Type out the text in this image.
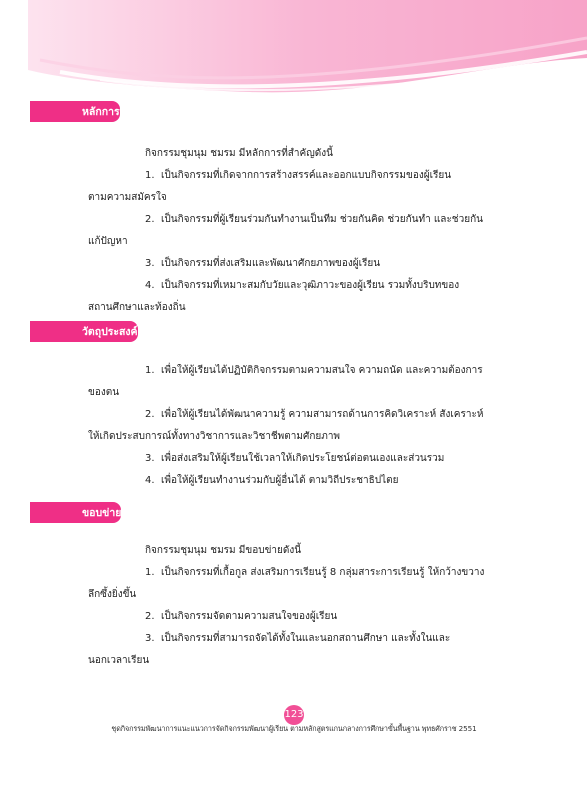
หลักการ
กิจกรรมชุมนุม ชมรม มีหลักการที่สำคัญดังนี้
1. เป็นกิจกรรมที่เกิดจากการสร้างสรรค์และออกแบบกิจกรรมของผู้เรียน
ตามความสมัครใจ
2. เป็นกิจกรรมที่ผู้เรียนร่วมกันทำงานเป็นทีม ช่วยกันคิด ช่วยกันทำ และช่วยกัน
แก้ปัญหา
3. เป็นกิจกรรมที่ส่งเสริมและพัฒนาศักยภาพของผู้เรียน
4. เป็นกิจกรรมที่เหมาะสมกับวัยและวุฒิภาวะของผู้เรียน รวมทั้งบริบทของ
สถานศึกษาและท้องถิ่น
วัตถุประสงค์
1. เพื่อให้ผู้เรียนได้ปฏิบัติกิจกรรมตามความสนใจ ความถนัด และความต้องการ
ของตน
2. เพื่อให้ผู้เรียนได้พัฒนาความรู้ ความสามารถด้านการคิดวิเคราะห์ สังเคราะห์
ให้เกิดประสบการณ์ทั้งทางวิชาการและวิชาชีพตามศักยภาพ
3. เพื่อส่งเสริมให้ผู้เรียนใช้เวลาให้เกิดประโยชน์ต่อตนเองและส่วนรวม
4. เพื่อให้ผู้เรียนทำงานร่วมกับผู้อื่นได้ ตามวิถีประชาธิปไตย
ขอบข่าย
กิจกรรมชุมนุม ชมรม มีขอบข่ายดังนี้
1. เป็นกิจกรรมที่เกื้อกูล ส่งเสริมการเรียนรู้ 8 กลุ่มสาระการเรียนรู้ ให้กว้างขวาง
ลึกซึ้งยิ่งขึ้น
2. เป็นกิจกรรมจัดตามความสนใจของผู้เรียน
3. เป็นกิจกรรมที่สามารถจัดได้ทั้งในและนอกสถานศึกษา และทั้งในและ
นอกเวลาเรียน
123
ชุดกิจกรรมพัฒนาการแนะแนวการจัดกิจกรรมพัฒนาผู้เรียน ตามหลักสูตรแกนกลางการศึกษาขั้นพื้นฐาน พุทธศักราช 2551
